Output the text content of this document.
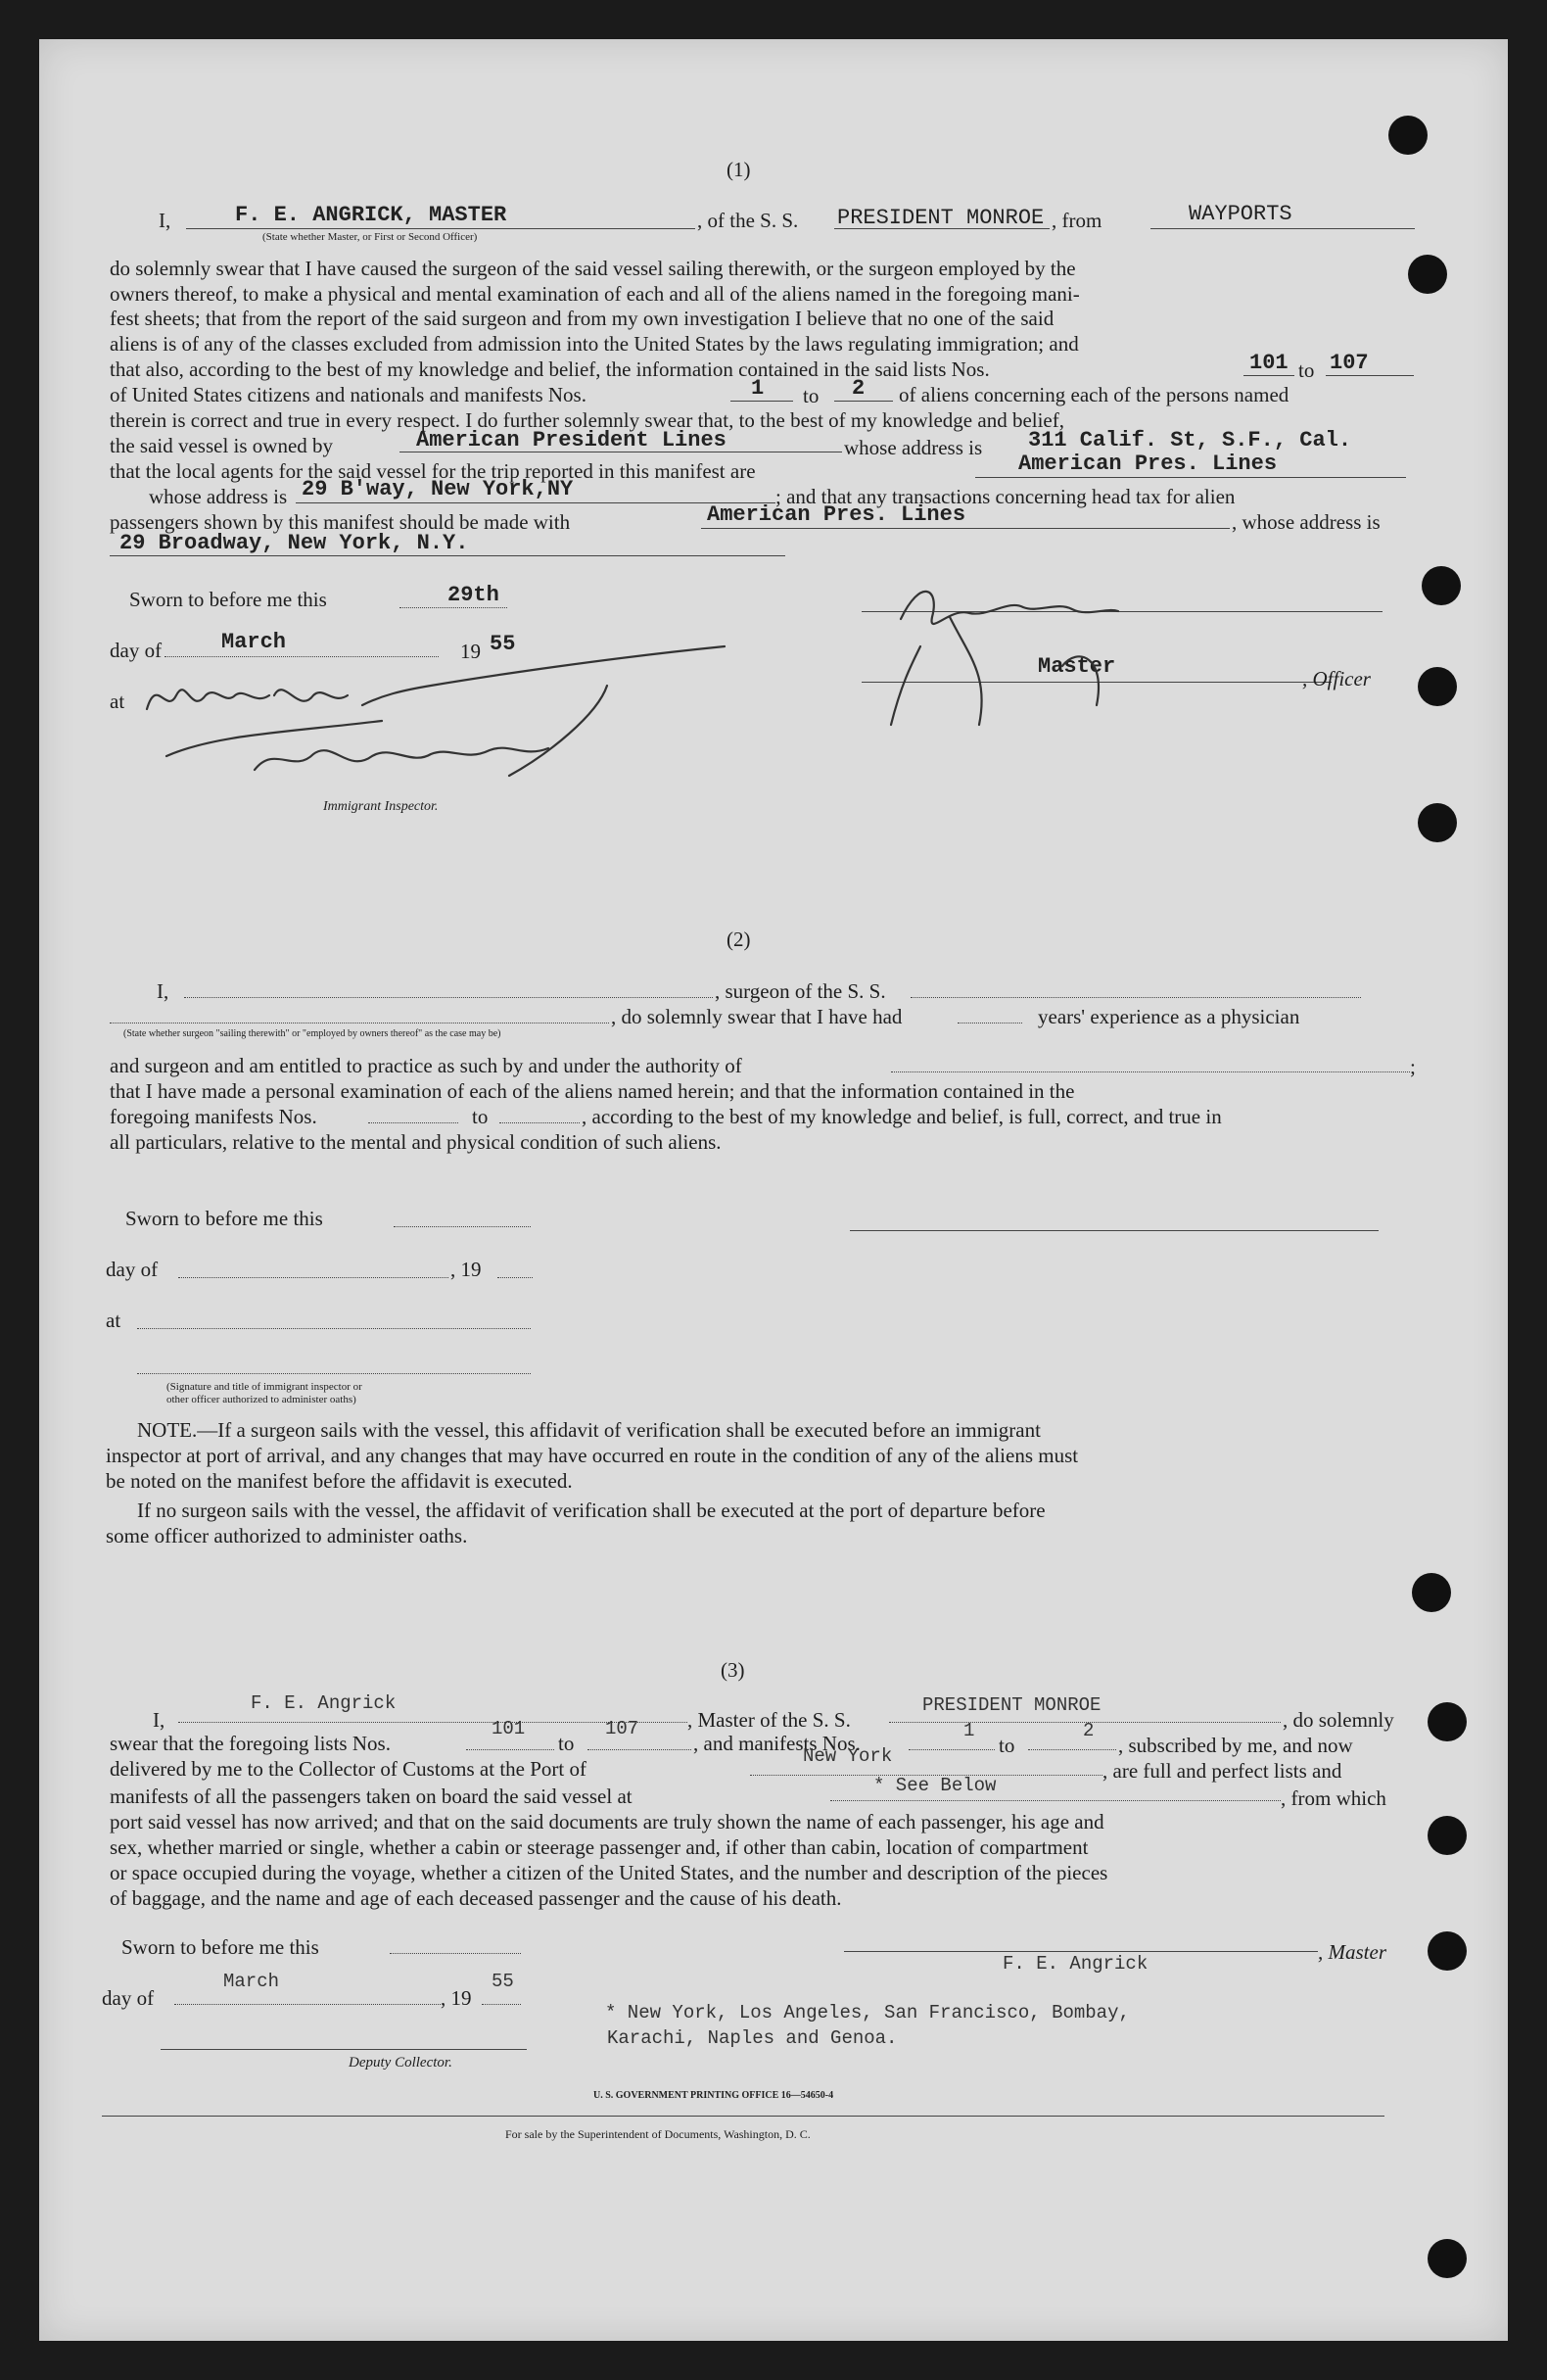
(1)
I,	F. E. ANGRICK, MASTER
(State whether Master, or First or Second Officer)
, of the S. S. PRESIDENT MONROE , from	WAYPORTS
do solemnly swear that I have caused the surgeon of the said vessel sailing therewith, or the surgeon employed by the
owners thereof, to make a physical and mental examination of each and all of the aliens named in the foregoing mani-
fest sheets; that from the report of the said surgeon and from my own investigation I believe that no one of the said
aliens is of any of the classes excluded from admission into the United States by the laws regulating immigration; and
that also, according to the best of my knowledge and belief, the information contained in the said lists Nos.	101 to 107
of United States citizens and nationals and manifests Nos.	1 to 2 of aliens concerning each of the persons named
therein is correct and true in every respect. I do further solemnly swear that, to the best of my knowledge and belief,
the said vessel is owned by	American President Lines	whose address is 311 Calif. St, S.F., Cal.
that the local agents for the said vessel for the trip reported in this manifest are	American Pres. Lines
whose address is 29 B'way, New York,NY	; and that any transactions concerning head tax for alien
passengers shown by this manifest should be made with	American Pres. Lines	, whose address is
29 Broadway, New York, N.Y.
Sworn to before me this	29th
day of	March	19 55
Master	, Officer
at
Immigrant Inspector.
(2)
I,	, surgeon of the S. S.
, do solemnly swear that I have had	years' experience as a physician
(State whether surgeon "sailing therewith" or "employed by owners thereof" as the case may be)
and surgeon and am entitled to practice as such by and under the authority of	;
that I have made a personal examination of each of the aliens named herein; and that the information contained in the
foregoing manifests Nos.	to	, according to the best of my knowledge and belief, is full, correct, and true in
all particulars, relative to the mental and physical condition of such aliens.
Sworn to before me this
day of	, 19
at
(Signature and title of immigrant inspector or
other officer authorized to administer oaths)
NOTE.—If a surgeon sails with the vessel, this affidavit of verification shall be executed before an immigrant
inspector at port of arrival, and any changes that may have occurred en route in the condition of any of the aliens must
be noted on the manifest before the affidavit is executed.
If no surgeon sails with the vessel, the affidavit of verification shall be executed at the port of departure before
some officer authorized to administer oaths.
(3)
I,
F. E. Angrick
, Master of the S. S.
PRESIDENT MONROE
, do solemnly
swear that the foregoing lists Nos.
101
to
107
, and manifests Nos.
1
to
2
, subscribed by me, and now
delivered by me to the Collector of Customs at the Port of
New York
, are full and perfect lists and
manifests of all the passengers taken on board the said vessel at	* See Below
, from which
port said vessel has now arrived; and that on the said documents are truly shown the name of each passenger, his age and
sex, whether married or single, whether a cabin or steerage passenger and, if other than cabin, location of compartment
or space occupied during the voyage, whether a citizen of the United States, and the number and description of the pieces
of baggage, and the name and age of each deceased passenger and the cause of his death.
Sworn to before me this	, Master
F. E. Angrick
day of
March
, 19
55
* New York, Los Angeles, San Francisco, Bombay,
Karachi, Naples and Genoa.
Deputy Collector.
U. S. GOVERNMENT PRINTING OFFICE 16—54650-4
For sale by the Superintendent of Documents, Washington, D. C.
